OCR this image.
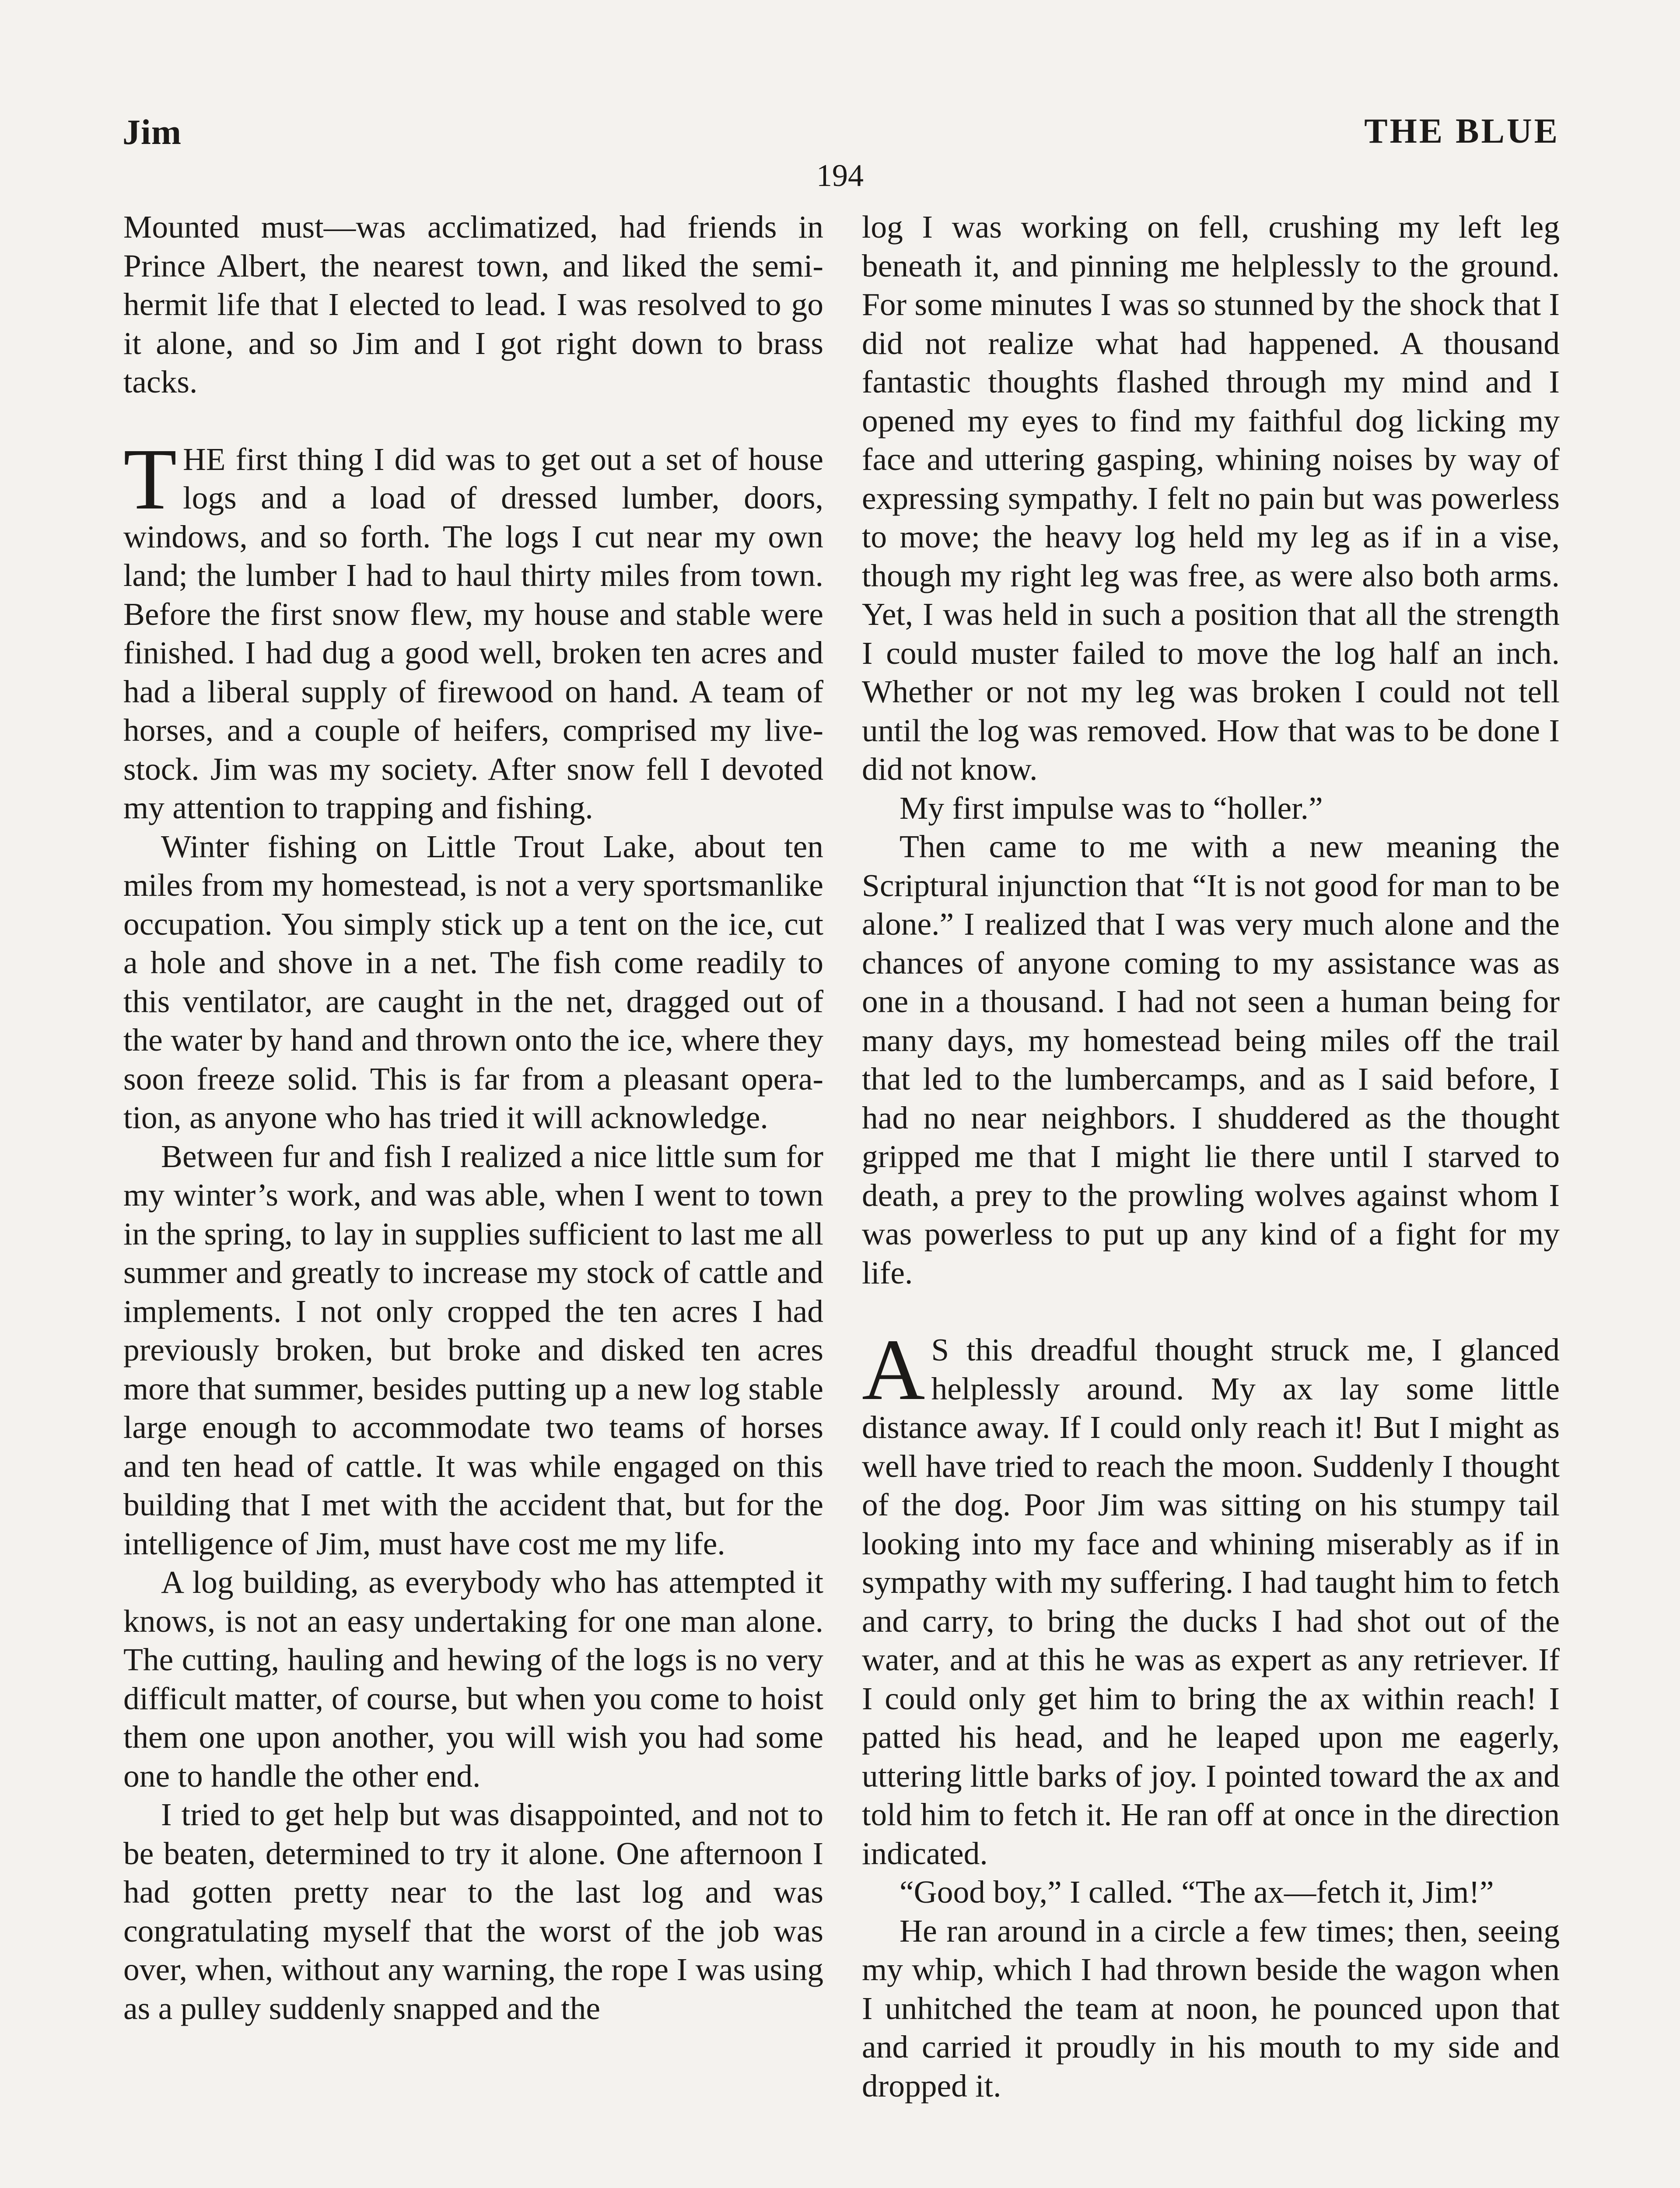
Jim	THE BLUE
194

Mounted must—was acclimatized, had friends in Prince Albert, the nearest town, and liked the semi-hermit life that I elected to lead. I was resolved to go it alone, and so Jim and I got right down to brass tacks.

THE first thing I did was to get out a set of house logs and a load of dressed lumber, doors, windows, and so forth. The logs I cut near my own land; the lumber I had to haul thirty miles from town. Before the first snow flew, my house and stable were finished. I had dug a good well, broken ten acres and had a liberal supply of firewood on hand. A team of horses, and a couple of heifers, comprised my livestock. Jim was my society. After snow fell I devoted my attention to trapping and fishing.

Winter fishing on Little Trout Lake, about ten miles from my homestead, is not a very sportsmanlike occupation. You simply stick up a tent on the ice, cut a hole and shove in a net. The fish come readily to this ventilator, are caught in the net, dragged out of the water by hand and thrown onto the ice, where they soon freeze solid. This is far from a pleasant operation, as anyone who has tried it will acknowledge.

Between fur and fish I realized a nice little sum for my winter’s work, and was able, when I went to town in the spring, to lay in supplies sufficient to last me all summer and greatly to increase my stock of cattle and implements. I not only cropped the ten acres I had previously broken, but broke and disked ten acres more that summer, besides putting up a new log stable large enough to accommodate two teams of horses and ten head of cattle. It was while engaged on this building that I met with the accident that, but for the intelligence of Jim, must have cost me my life.

A log building, as everybody who has attempted it knows, is not an easy undertaking for one man alone. The cutting, hauling and hewing of the logs is no very difficult matter, of course, but when you come to hoist them one upon another, you will wish you had some one to handle the other end.

I tried to get help but was disappointed, and not to be beaten, determined to try it alone. One afternoon I had gotten pretty near to the last log and was congratulating myself that the worst of the job was over, when, without any warning, the rope I was using as a pulley suddenly snapped and the

log I was working on fell, crushing my left leg beneath it, and pinning me helplessly to the ground. For some minutes I was so stunned by the shock that I did not realize what had happened. A thousand fantastic thoughts flashed through my mind and I opened my eyes to find my faithful dog licking my face and uttering gasping, whining noises by way of expressing sympathy. I felt no pain but was powerless to move; the heavy log held my leg as if in a vise, though my right leg was free, as were also both arms. Yet, I was held in such a position that all the strength I could muster failed to move the log half an inch. Whether or not my leg was broken I could not tell until the log was removed. How that was to be done I did not know.

My first impulse was to “holler.”

Then came to me with a new meaning the Scriptural injunction that “It is not good for man to be alone.” I realized that I was very much alone and the chances of anyone coming to my assistance was as one in a thousand. I had not seen a human being for many days, my homestead being miles off the trail that led to the lumbercamps, and as I said before, I had no near neighbors. I shuddered as the thought gripped me that I might lie there until I starved to death, a prey to the prowling wolves against whom I was powerless to put up any kind of a fight for my life.

A S this dreadful thought struck me, I glanced helplessly around. My ax lay some little distance away. If I could only reach it! But I might as well have tried to reach the moon. Suddenly I thought of the dog. Poor Jim was sitting on his stumpy tail looking into my face and whining miserably as if in sympathy with my suffering. I had taught him to fetch and carry, to bring the ducks I had shot out of the water, and at this he was as expert as any retriever. If I could only get him to bring the ax within reach! I patted his head, and he leaped upon me eagerly, uttering little barks of joy. I pointed toward the ax and told him to fetch it. He ran off at once in the direction indicated.

“Good boy,” I called. “The ax—fetch it, Jim!”

He ran around in a circle a few times; then, seeing my whip, which I had thrown beside the wagon when I unhitched the team at noon, he pounced upon that and carried it proudly in his mouth to my side and dropped it.
